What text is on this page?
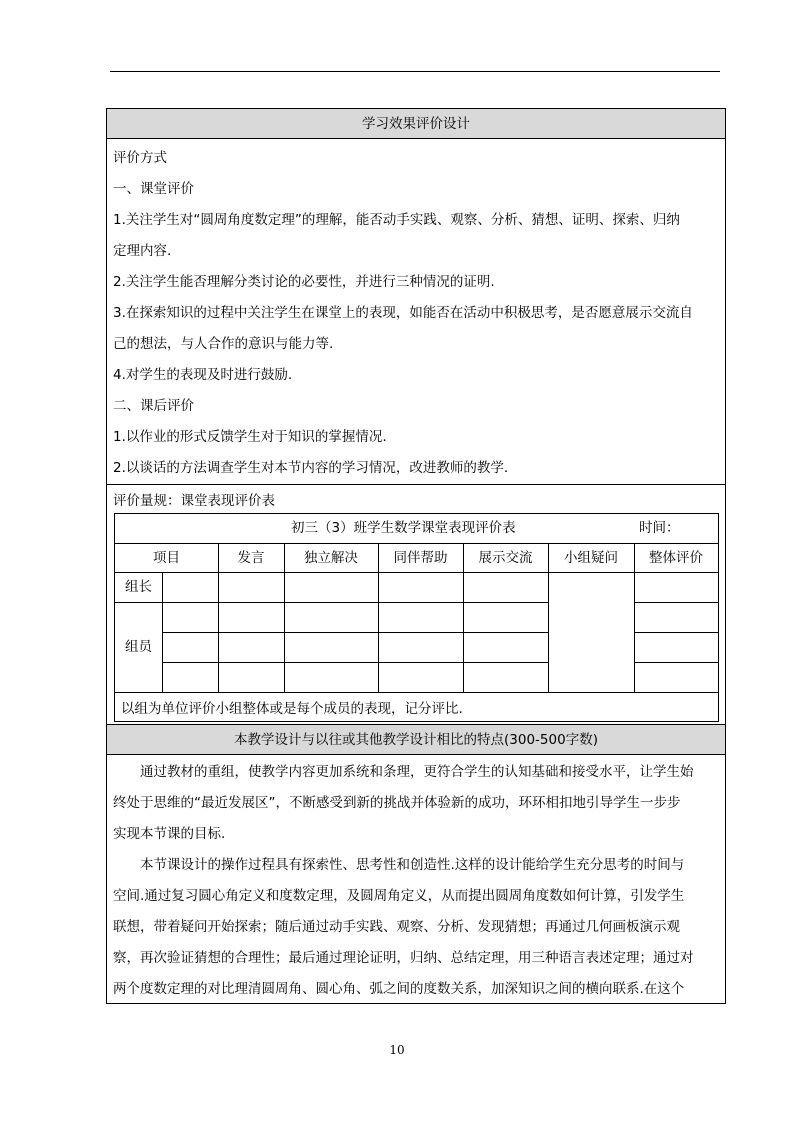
学习效果评价设计
评价方式
一、课堂评价
1.关注学生对“圆周角度数定理”的理解，能否动手实践、观察、分析、猜想、证明、探索、归纳
定理内容.
2.关注学生能否理解分类讨论的必要性，并进行三种情况的证明.
3.在探索知识的过程中关注学生在课堂上的表现，如能否在活动中积极思考，是否愿意展示交流自
己的想法，与人合作的意识与能力等.
4.对学生的表现及时进行鼓励.
二、课后评价
1.以作业的形式反馈学生对于知识的掌握情况.
2.以谈话的方法调查学生对本节内容的学习情况，改进教师的教学.
评价量规：课堂表现评价表
初三（3）班学生数学课堂表现评价表	时间：
项目	发言	独立解决	同伴帮助	展示交流	小组疑问	整体评价
组长
组员
以组为单位评价小组整体或是每个成员的表现，记分评比.
本教学设计与以往或其他教学设计相比的特点(300-500字数)
通过教材的重组，使教学内容更加系统和条理，更符合学生的认知基础和接受水平，让学生始
终处于思维的“最近发展区”，不断感受到新的挑战并体验新的成功，环环相扣地引导学生一步步
实现本节课的目标.
本节课设计的操作过程具有探索性、思考性和创造性.这样的设计能给学生充分思考的时间与
空间.通过复习圆心角定义和度数定理，及圆周角定义，从而提出圆周角度数如何计算，引发学生
联想，带着疑问开始探索；随后通过动手实践、观察、分析、发现猜想；再通过几何画板演示观
察，再次验证猜想的合理性；最后通过理论证明，归纳、总结定理，用三种语言表述定理；通过对
两个度数定理的对比理清圆周角、圆心角、弧之间的度数关系，加深知识之间的横向联系.在这个
10
